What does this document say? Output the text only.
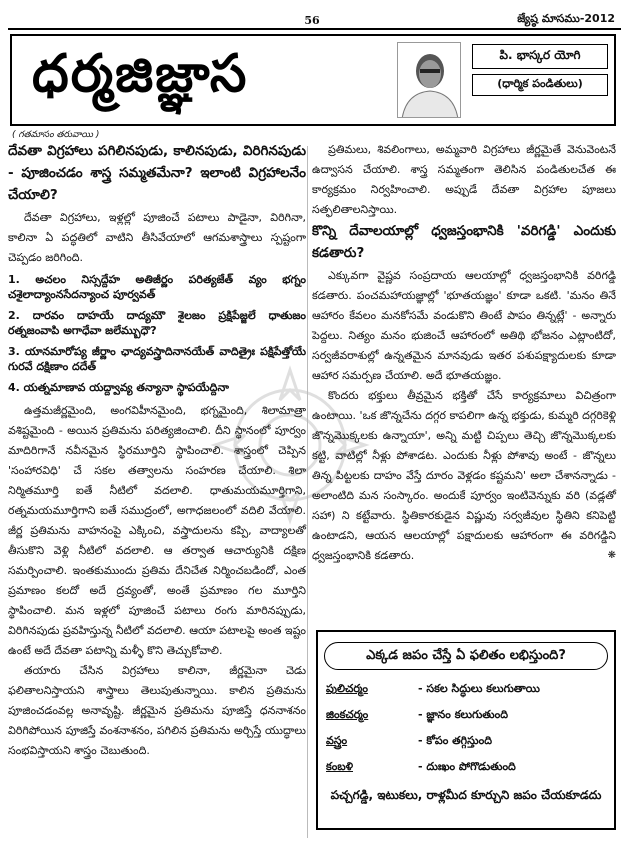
56	జ్యేష్ఠ మాసము-2012
ధర్మజిజ్ఞాస	పి. భాస్కర యోగి
(ధార్మిక పండితులు)
( గతమాసం తరువాయి )
దేవతా విగ్రహాలు పగిలినపుడు, కాలినపుడు, విరిగినపుడు - పూజించడం శాస్త్ర సమ్మతమేనా? ఇలాంటి విగ్రహాలనేం చేయాలి?
దేవతా విగ్రహాలు, ఇళ్లల్లో పూజించే పటాలు పాడైనా, విరిగినా, కాలినా ఏ పద్ధతిలో వాటిని తీసివేయాలో ఆగమశాస్త్రాలు స్పష్టంగా చెప్పడం జరిగింది.
1. అచలం నిస్సద్దేహ అతిజీర్ణం పరిత్యజేత్ వ్యం భగ్నం చశైలాద్యాంనసేదన్యాంచ పూర్వవత్
2. దారవం దాహయే దాద్యమౌ శైలజం ప్రక్షిపేజ్జలే ధాతుజం రత్నజంవాపి అగాధేవా జలేమ్బుధౌ?
3. యానమారోప్య జీర్ణాం ఛాద్యవస్త్రాదినానయేత్ వాదిత్రైః పక్షిపేత్తోయే గురవే దక్షిణాం దదేత్
4. యత్నమాణావ యద్ద్వావ్య తన్యానా స్థాపయేద్దినా
ఉత్తమజీర్ణమైంది, అంగవిహీనమైంది, భగ్నమైంది, శిలామాత్రా వశిష్టమైంది - అయిన ప్రతిమను పరిత్యజించాలి. దీని స్థానంలో పూర్వం మాదిరిగానే నవీనమైన స్థిరమూర్తిని స్థాపించాలి. శాస్త్రంలో చెప్పిన 'సంహారవిధి' చే సకల తత్వాలను సంహరణ చేయాలి. శిలా నిర్మితమూర్తి ఐతే నీటిలో వదలాలి. ధాతుమయమూర్తిగాని, రత్నమయమూర్తిగాని ఐతే సముద్రంలో, అగాధజలంలో వదిలి వేయాలి. జీర్ణ ప్రతిమను వాహనంపై ఎక్కించి, వస్త్రాదులను కప్పి, వాద్యాలతో తీసుకొని వెళ్లి నీటిలో వదలాలి. ఆ తర్వాత ఆచార్యునికి దక్షిణ సమర్పించాలి. ఇంతకుముందు ప్రతిమ దేనిచేత నిర్మించబడిందో, ఎంత ప్రమాణం కలదో అదే ద్రవ్యంతో, అంతే ప్రమాణం గల మూర్తిని స్థాపించాలి. మన ఇళ్లలో పూజించే పటాలు రంగు మారినప్పుడు, విరిగినపుడు ప్రవహిస్తున్న నీటిలో వదలాలి. ఆయా పటాలపై అంత ఇష్టం ఉంటే అదే దేవతా పటాన్ని మళ్ళీ కొని తెచ్చుకోవాలి.
తయారు చేసిన విగ్రహాలు కాలినా, జీర్ణమైనా చెడు ఫలితాలనిస్తాయని శాస్త్రాలు తెలుపుతున్నాయి. కాలిన ప్రతిమను పూజించడంవల్ల అనావృష్టి. జీర్ణమైన ప్రతిమను పూజిస్తే ధననాశనం విరిగిపోయిన పూజిస్తే వంశనాశనం, పగిలిన ప్రతిమను అర్చిస్తే యుద్ధాలు సంభవిస్తాయని శాస్త్రం చెబుతుంది.
ప్రతిమలు, శివలింగాలు, అమ్మవారి విగ్రహాలు జీర్ణమైతే వెనువెంటనే ఉద్వాసన చేయాలి. శాస్త్ర సమ్మతంగా తెలిసిన పండితులచేత ఈ కార్యక్రమం నిర్వహించాలి. అప్పుడే దేవతా విగ్రహాల పూజలు సత్ఫలితాలనిస్తాయి.
కొన్ని దేవాలయాల్లో ధ్వజస్తంభానికి 'వరిగడ్డి' ఎందుకు కడతారు?
ఎక్కువగా వైష్ణవ సంప్రదాయ ఆలయాల్లో ధ్వజస్తంభానికి వరిగడ్డి కడతారు. పంచమహాయజ్ఞాల్లో 'భూతయజ్ఞం' కూడా ఒకటి. 'మనం తినే ఆహారం కేవలం మనకోసమే వండుకొని తింటే పాపం తిన్నట్లే' - అన్నారు పెద్దలు. నిత్యం మనం భుజించే ఆహారంలో అతిథి భోజనం ఎట్లాంటిదో, సర్వజీవరాశుల్లో ఉన్నతమైన మానవుడు ఇతర పశుపక్ష్యాదులకు కూడా ఆహార సమర్పణ చేయాలి. అదే భూతయజ్ఞం.
కొందరు భక్తులు తీవ్రమైన భక్తితో చేసే కార్యక్రమాలు విచిత్రంగా ఉంటాయి. 'ఒక జొన్నచేను దగ్గర కాపలిగా ఉన్న భక్తుడు, కుమ్మరి దగ్గరికెళ్లి జొన్నమొక్కలకు ఉన్నాయా', అన్ని మట్టి చిప్పలు తెచ్చి జొన్నమొక్కలకు కట్టి, వాటిల్లో నీళ్లు పోశాడట. ఎందుకు నీళ్లు పోశావు అంటే - జొన్నలు తిన్న పిట్టలకు దాహం వేస్తే దూరం వెళ్లడం కష్టమని' అలా చేశానన్నాడు - అలాంటిది మన సంస్కారం. అందుకే పూర్వం ఇంటివెన్నుకు వరి (వడ్లతో సహా) ని కట్టేవారు. స్థితికారకుడైన విష్ణువు సర్వజీవుల స్థితిని కనిపెట్టి ఉంటాడని, ఆయన ఆలయాల్లో పక్షాదులకు ఆహారంగా ఈ వరిగడ్డిని ధ్వజస్తంభానికి కడతారు.	❋
ఎక్కడ జపం చేస్తే ఏ ఫలితం లభిస్తుంది?
పులిచర్మం	- సకల సిద్ధులు కలుగుతాయి
జింకచర్మం	- జ్ఞానం కలుగుతుంది
వస్త్రం	- కోపం తగ్గిస్తుంది
కంబళి	- దుఃఖం పోగొడుతుంది
పచ్చగడ్డి, ఇటుకలు, రాళ్లమీద కూర్చుని జపం చేయకూడదు
